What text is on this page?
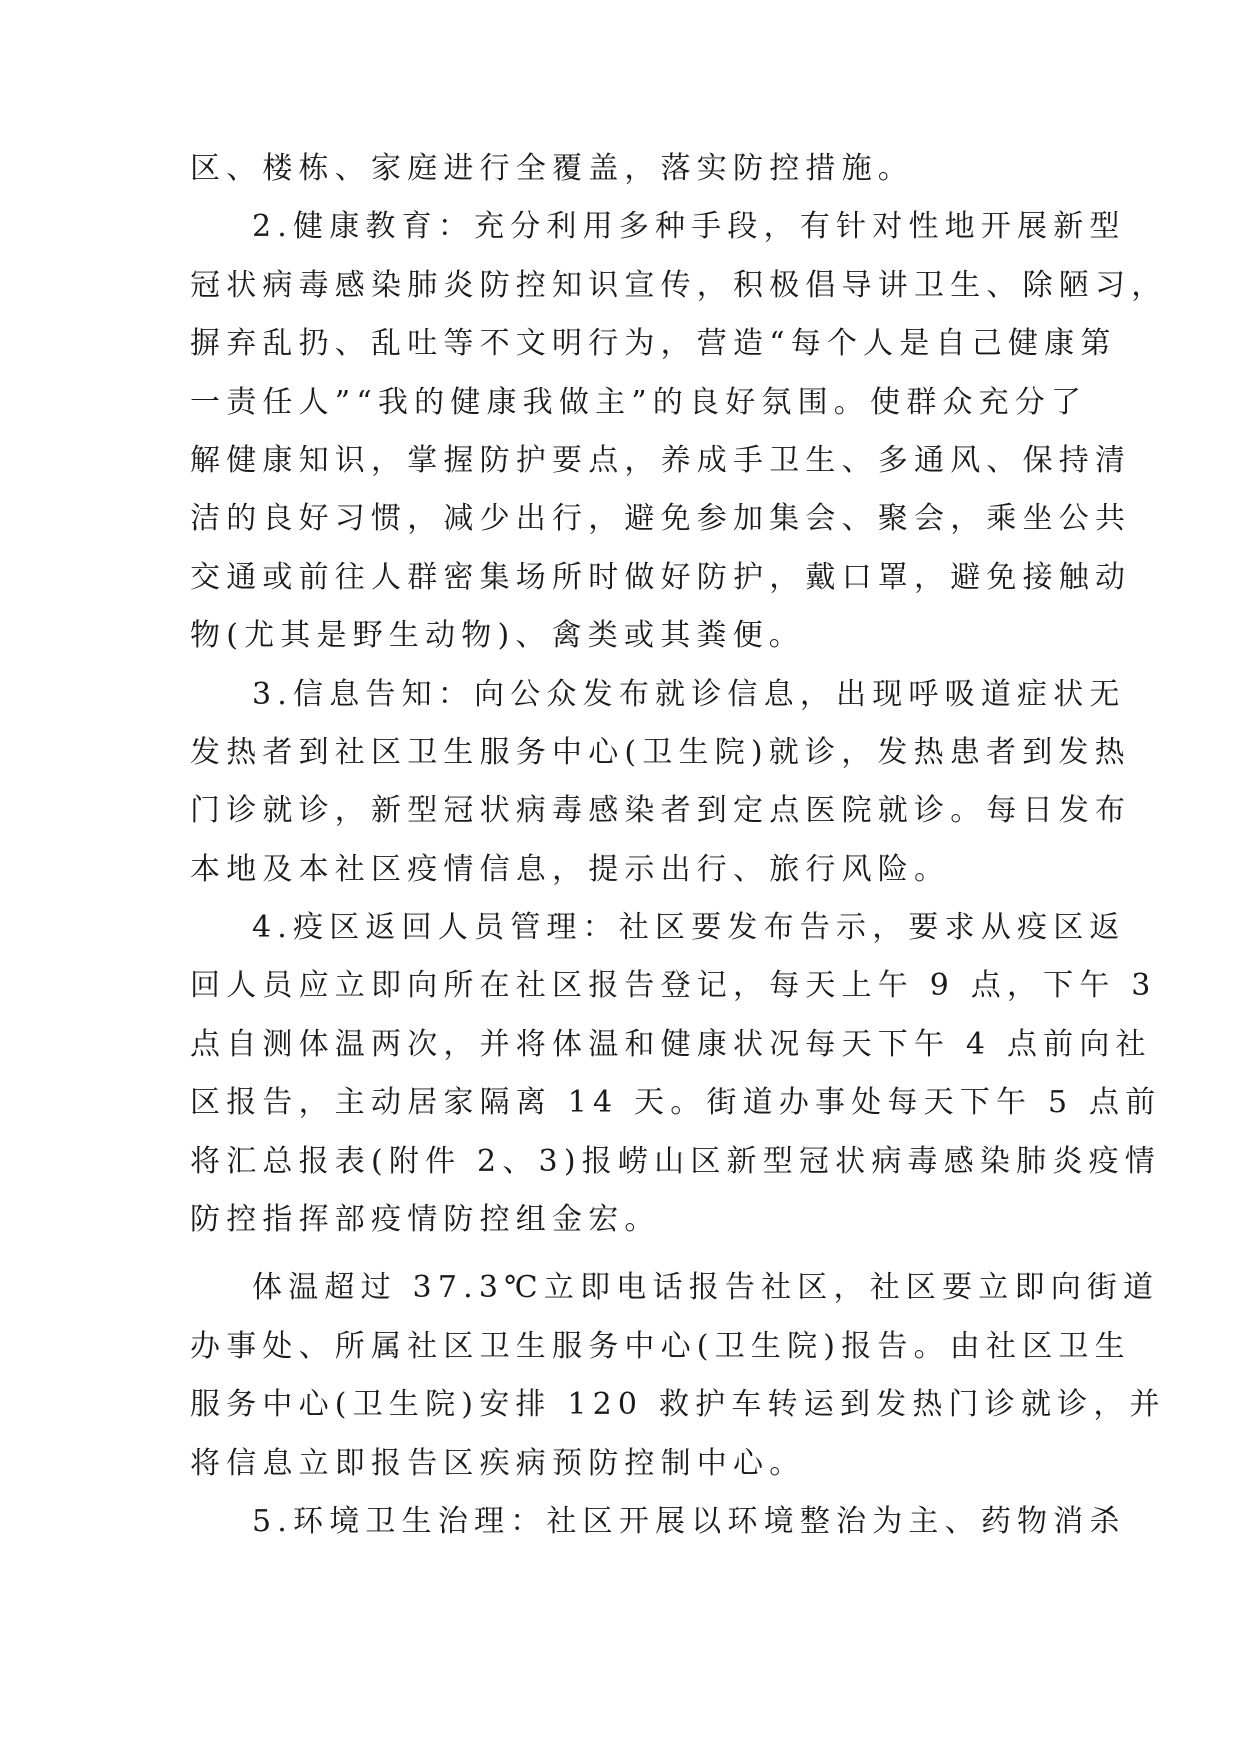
区、楼栋、家庭进行全覆盖，落实防控措施。
2.健康教育：充分利用多种手段，有针对性地开展新型
冠状病毒感染肺炎防控知识宣传，积极倡导讲卫生、除陋习，
摒弃乱扔、乱吐等不文明行为，营造“每个人是自己健康第
一责任人”“我的健康我做主”的良好氛围。使群众充分了
解健康知识，掌握防护要点，养成手卫生、多通风、保持清
洁的良好习惯，减少出行，避免参加集会、聚会，乘坐公共
交通或前往人群密集场所时做好防护，戴口罩，避免接触动
物(尤其是野生动物)、禽类或其粪便。
3.信息告知：向公众发布就诊信息，出现呼吸道症状无
发热者到社区卫生服务中心(卫生院)就诊，发热患者到发热
门诊就诊，新型冠状病毒感染者到定点医院就诊。每日发布
本地及本社区疫情信息，提示出行、旅行风险。
4.疫区返回人员管理：社区要发布告示，要求从疫区返
回人员应立即向所在社区报告登记，每天上午 9 点，下午 3
点自测体温两次，并将体温和健康状况每天下午 4 点前向社
区报告，主动居家隔离 14 天。街道办事处每天下午 5 点前
将汇总报表(附件 2、3)报崂山区新型冠状病毒感染肺炎疫情
防控指挥部疫情防控组金宏。
体温超过 37.3℃立即电话报告社区，社区要立即向街道
办事处、所属社区卫生服务中心(卫生院)报告。由社区卫生
服务中心(卫生院)安排 120 救护车转运到发热门诊就诊，并
将信息立即报告区疾病预防控制中心。
5.环境卫生治理：社区开展以环境整治为主、药物消杀
